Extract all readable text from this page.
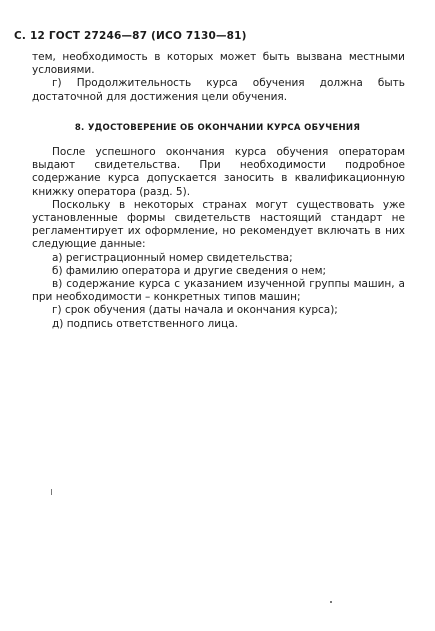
С. 12 ГОСТ 27246—87 (ИСО 7130—81)

тем, необходимость в которых может быть вызвана местными условиями.

г) Продолжительность курса обучения должна быть достаточной для достижения цели обучения.

8. УДОСТОВЕРЕНИЕ ОБ ОКОНЧАНИИ КУРСА ОБУЧЕНИЯ

После успешного окончания курса обучения операторам выдают свидетельства. При необходимости подробное содержание курса допускается заносить в квалификационную книжку оператора (разд. 5).

Поскольку в некоторых странах могут существовать уже установленные формы свидетельств настоящий стандарт не регламентирует их оформление, но рекомендует включать в них следующие данные:

а) регистрационный номер свидетельства;

б) фамилию оператора и другие сведения о нем;

в) содержание курса с указанием изученной группы машин, а при необходимости – конкретных типов машин;

г) срок обучения (даты начала и окончания курса);

д) подпись ответственного лица.
